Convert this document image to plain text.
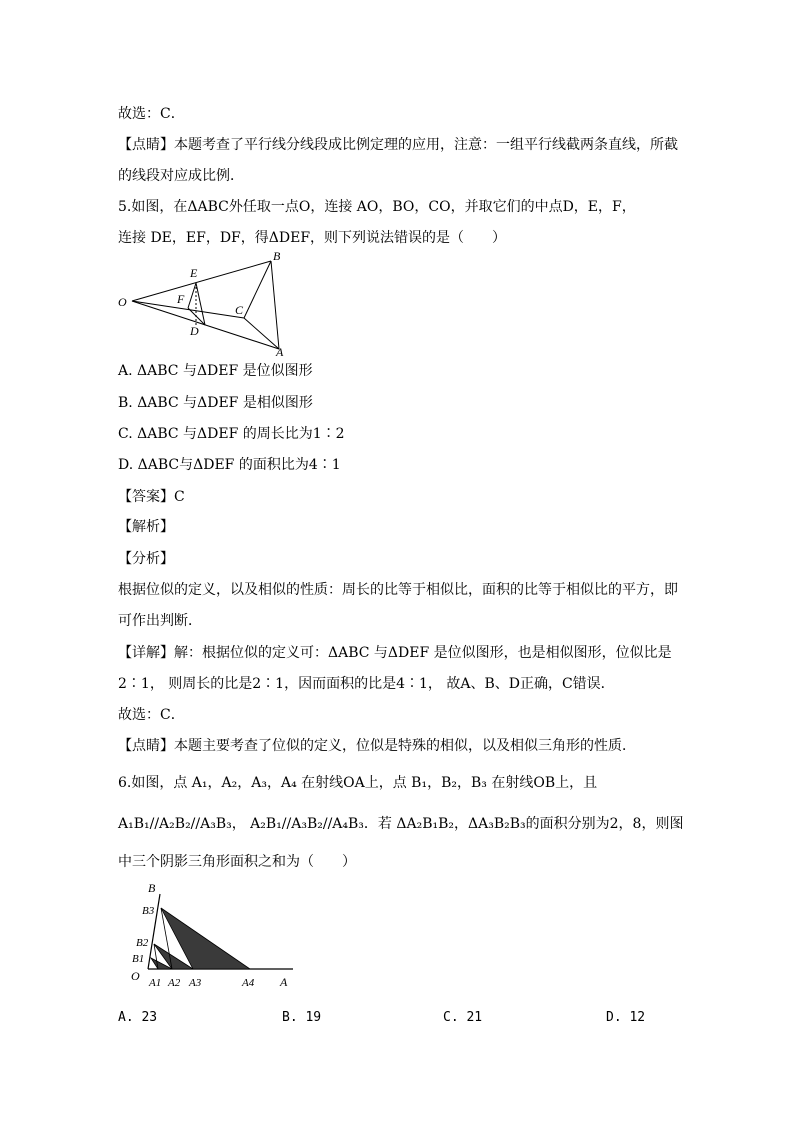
故选：C．
【点睛】本题考查了平行线分线段成比例定理的应用，注意：一组平行线截两条直线，所截
的线段对应成比例．
5.如图，在ΔABC外任取一点O，连接 AO，BO，CO，并取它们的中点D，E，F，
连接 DE，EF，DF，得ΔDEF，则下列说法错误的是（　　）
O
E
F
D
C
B
A
A. ΔABC 与ΔDEF 是位似图形
B. ΔABC 与ΔDEF 是相似图形
C. ΔABC 与ΔDEF 的周长比为1∶2
D. ΔABC与ΔDEF 的面积比为4∶1
【答案】C
【解析】
【分析】
根据位似的定义，以及相似的性质：周长的比等于相似比，面积的比等于相似比的平方，即
可作出判断．
【详解】解：根据位似的定义可：ΔABC 与ΔDEF 是位似图形，也是相似图形，位似比是
2∶1， 则周长的比是2∶1，因而面积的比是4∶1， 故A、B、D正确，C错误．
故选：C．
【点睛】本题主要考查了位似的定义，位似是特殊的相似，以及相似三角形的性质．
6.如图，点 A₁，A₂，A₃，A₄ 在射线OA上，点 B₁，B₂，B₃ 在射线OB上，且
A₁B₁//A₂B₂//A₃B₃， A₂B₁//A₃B₂//A₄B₃．若 ΔA₂B₁B₂，ΔA₃B₂B₃的面积分别为2，8，则图
中三个阴影三角形面积之和为（　　）
B
B3
B2
B1
O A1 A2 A3	A4 A
A. 23	B. 19	C. 21	D. 12
